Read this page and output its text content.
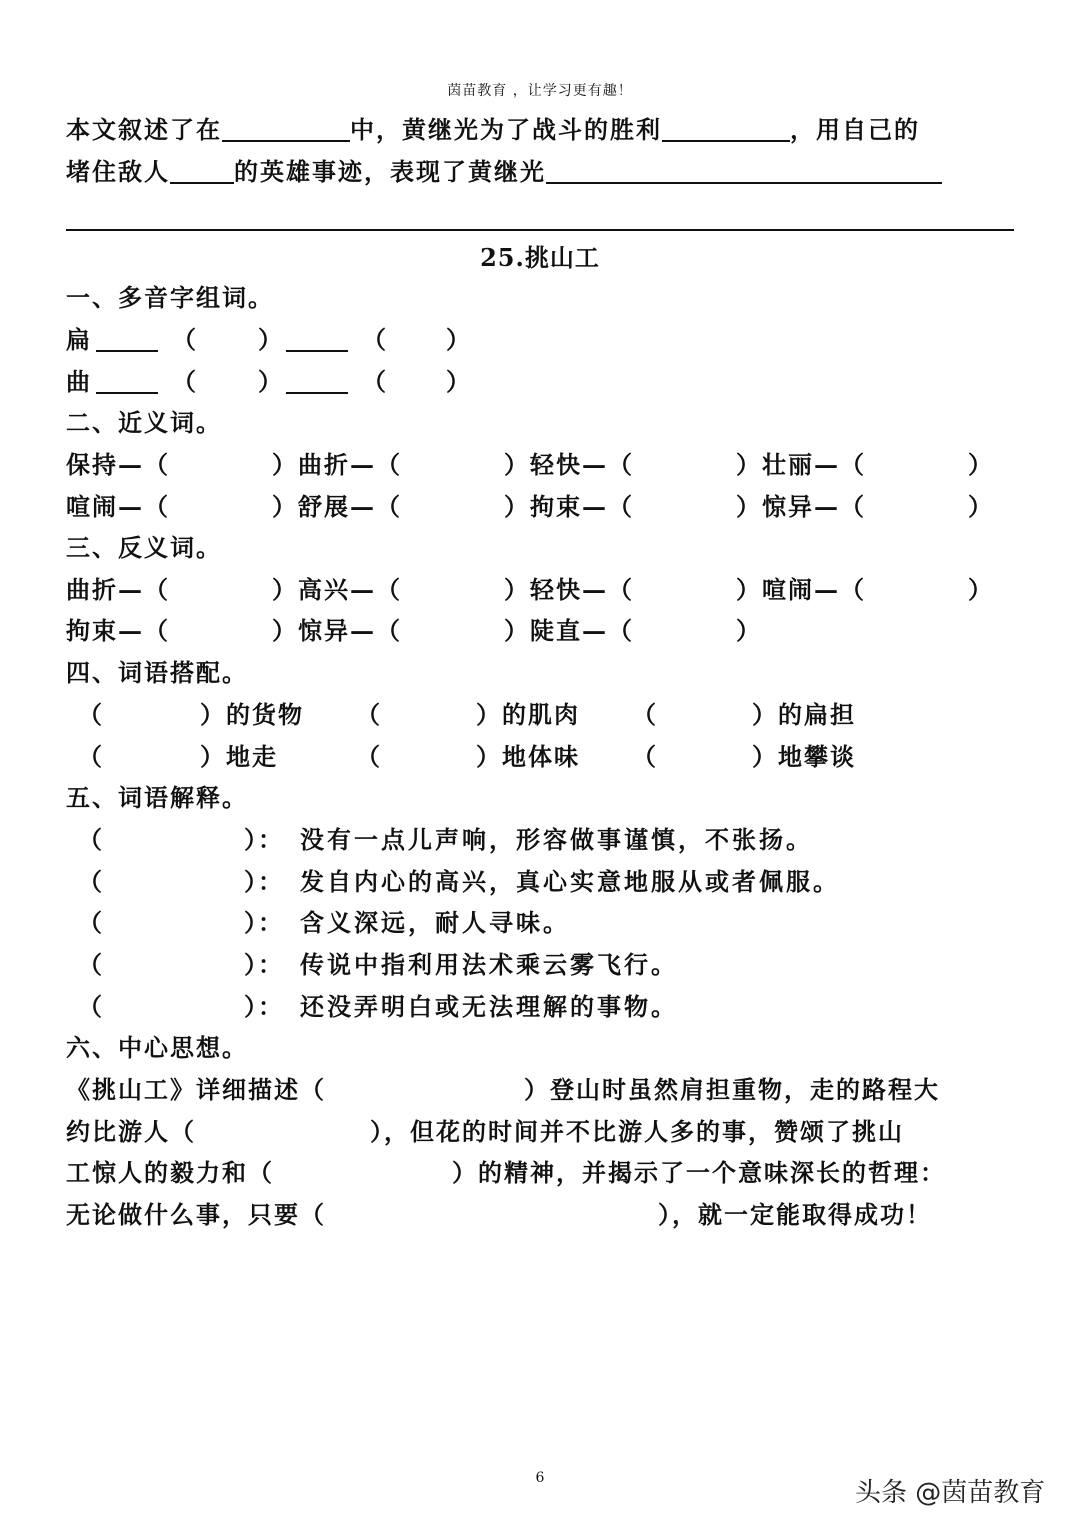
茵苗教育 ，让学习更有趣！
本文叙述了在	中，黄继光为了战斗的胜利	，用自己的
堵住敌人	的英雄事迹，表现了黄继光
25.挑山工
一、多音字组词。
扁	（	）	（ ）
曲	（	）	（ ）
二、近义词。
保持—（	）曲折—（	）轻快—（	）壮丽—（	）
喧闹—（	）舒展—（	）拘束—（	）惊异—（	）
三、反义词。
曲折—（	）高兴—（	）轻快—（	）喧闹—（	）
拘束—（	）惊异—（	）陡直—（	）
四、词语搭配。
（	）的货物 （	）的肌肉 （	）的扁担
（	）地走	（	）地体味 （	）地攀谈
五、词语解释。
（	）： 没有一点儿声响，形容做事谨慎，不张扬。
（	）： 发自内心的高兴，真心实意地服从或者佩服。
（	）： 含义深远，耐人寻味。
（	）： 传说中指利用法术乘云雾飞行。
（	）： 还没弄明白或无法理解的事物。
六、中心思想。
《挑山工》详细描述（	）登山时虽然肩担重物，走的路程大
约比游人（	），但花的时间并不比游人多的事，赞颂了挑山
工惊人的毅力和（	）的精神，并揭示了一个意味深长的哲理：
无论做什么事，只要（	），就一定能取得成功！
6	头条 @茵苗教育
